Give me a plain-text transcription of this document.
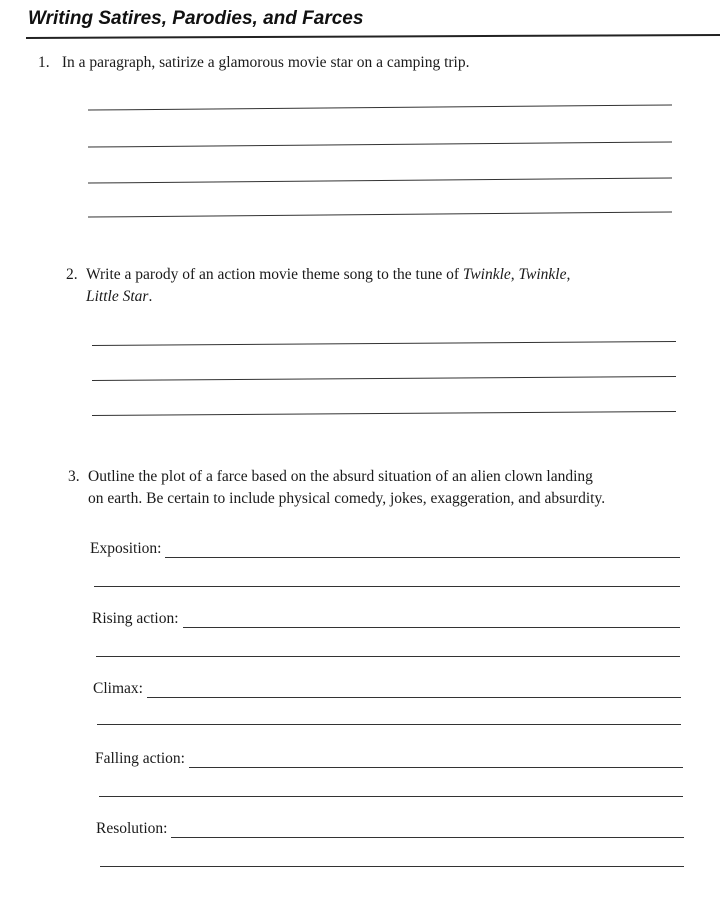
Writing Satires, Parodies, and Farces
1. In a paragraph, satirize a glamorous movie star on a camping trip.
2. Write a parody of an action movie theme song to the tune of Twinkle, Twinkle,
Little Star.
3. Outline the plot of a farce based on the absurd situation of an alien clown landing
on earth. Be certain to include physical comedy, jokes, exaggeration, and absurdity.
Exposition:
Rising action:
Climax:
Falling action:
Resolution:
